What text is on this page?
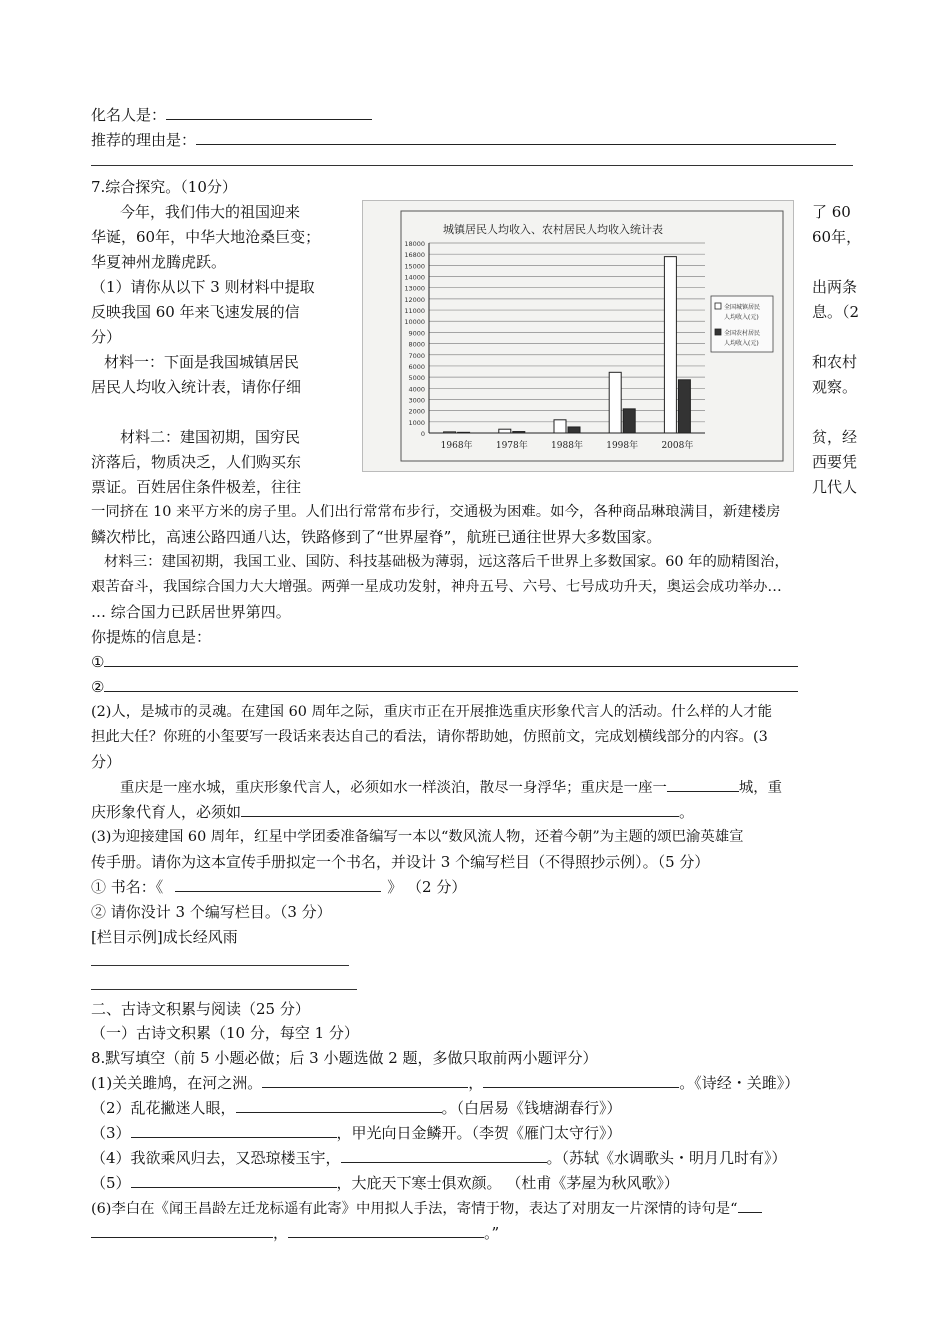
化名人是：
推荐的理由是：
7.综合探究。（10分）
今年，我们伟大的祖国迎来	了 60
华诞，60年，中华大地沧桑巨变；	60年，
华夏神州龙腾虎跃。
（1）请你从以下 3 则材料中提取	出两条
反映我国 60 年来飞速发展的信	息。（2
分）
材料一：下面是我国城镇居民	和农村
居民人均收入统计表，请你仔细	观察。
材料二：建国初期，国穷民	贫，经
济落后，物质决乏，人们购买东	西要凭
票证。百姓居住条件极差，往往	几代人
一同挤在 10 来平方米的房子里。人们出行常常布步行，交通极为困难。如今，各种商品琳琅满目，新建楼房
鳞次栉比，高速公路四通八达，铁路修到了“世界屋脊”，航班已通往世界大多数国家。
材料三：建国初期，我国工业、国防、科技基础极为薄弱，远这落后千世界上多数国家。60 年的励精图治，
艰苦奋斗，我国综合国力大大增强。两弹一星成功发射，神舟五号、六号、七号成功升天，奥运会成功举办…
… 综合国力已跃居世界第四。
你提炼的信息是：
①
②
(2)人，是城市的灵魂。在建国 60 周年之际，重庆市正在开展推选重庆形象代言人的活动。什么样的人才能
担此大任？你班的小玺要写一段话来表达自己的看法，请你帮助她，仿照前文，完成划横线部分的内容。(3
分）
重庆是一座水城，重庆形象代言人，必须如水一样淡泊，散尽一身浮华；重庆是一座一	城，重
庆形象代育人，必须如	。
(3)为迎接建国 60 周年，红星中学团委准备编写一本以“数风流人物，还着今朝”为主题的颂巴渝英雄宣
传手册。请你为这本宣传手册拟定一个书名，并设计 3 个编写栏目（不得照抄示例）。（5 分）
① 书名：《	》 （2 分）
② 请你没计 3 个编写栏目。（3 分）
[栏目示例]成长经风雨
二、古诗文积累与阅读（25 分）
（一）古诗文积累（10 分，每空 1 分）
8.默写填空（前 5 小题必做；后 3 小题选做 2 题，多做只取前两小题评分）
(1)关关雎鸠，在河之洲。	，	。《诗经・关雎》）
（2）乱花撇迷人眼，	。（白居易《钱塘湖春行》）
（3）	，甲光向日金鳞开。（李贺《雁门太守行》）
（4）我欲乘风归去，又恐琼楼玉宇，	。（苏轼《水调歌头・明月几时有》）
（5）	，大庇天下寒士俱欢颜。 （杜甫《茅屋为秋风歌》）
(6)李白在《闻王昌龄左迁龙标遥有此寄》中用拟人手法，寄情于物，表达了对朋友一片深情的诗句是“
，	。”
城镇居民人均收入、农村居民人均收入统计表
18000
16800
15000
14000
13000
12000
11000
10000
9000
8000
7000
6000
5000
4000
3000
2000
1000
0
1968年	1978年	1988年	1998年	2008年
全国城镇居民
人均收入(元)
全国农村居民
人均收入(元)
